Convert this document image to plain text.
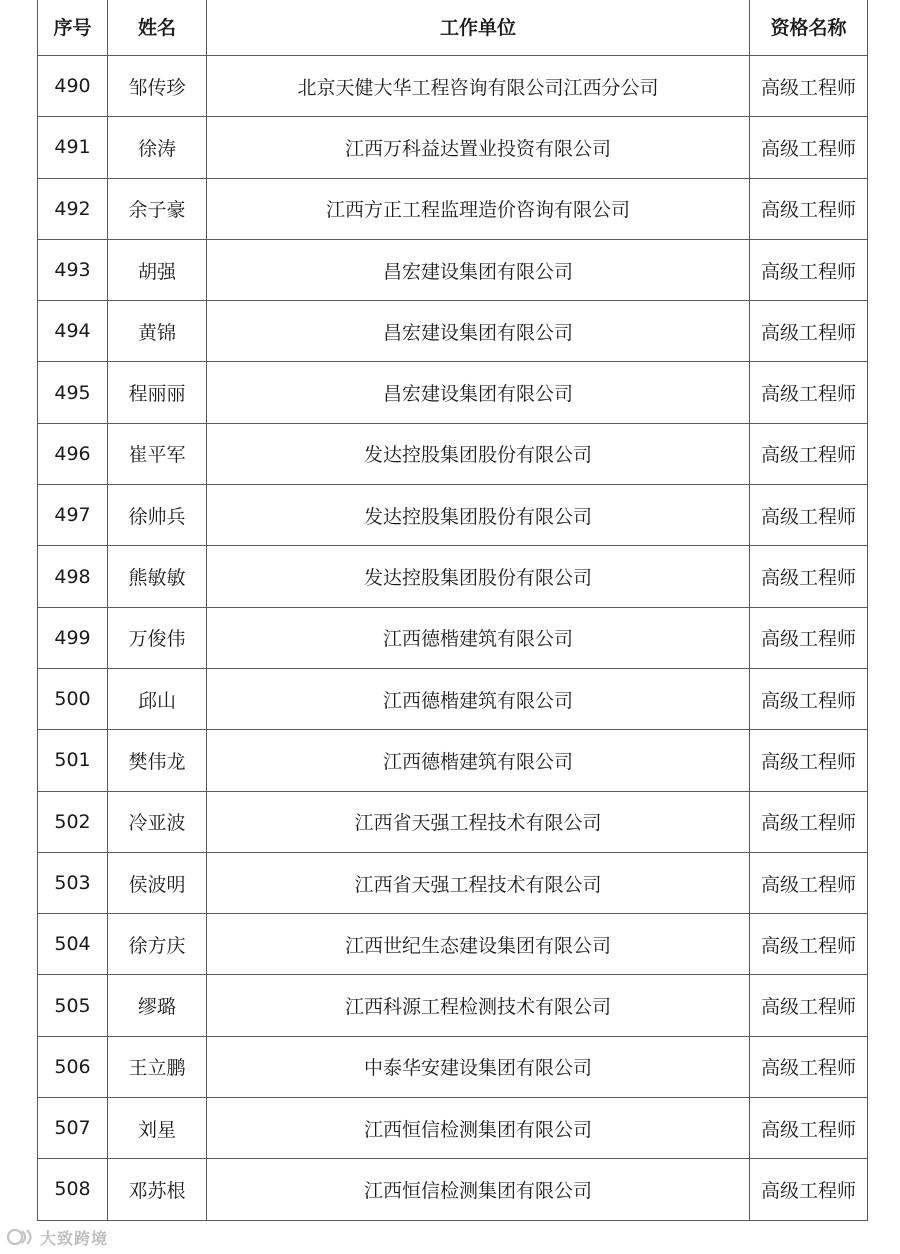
序号	姓名	工作单位	资格名称
490	邹传珍	北京天健大华工程咨询有限公司江西分公司	高级工程师
491	徐涛	江西万科益达置业投资有限公司	高级工程师
492	余子豪	江西方正工程监理造价咨询有限公司	高级工程师
493	胡强	昌宏建设集团有限公司	高级工程师
494	黄锦	昌宏建设集团有限公司	高级工程师
495	程丽丽	昌宏建设集团有限公司	高级工程师
496	崔平军	发达控股集团股份有限公司	高级工程师
497	徐帅兵	发达控股集团股份有限公司	高级工程师
498	熊敏敏	发达控股集团股份有限公司	高级工程师
499	万俊伟	江西德楷建筑有限公司	高级工程师
500	邱山	江西德楷建筑有限公司	高级工程师
501	樊伟龙	江西德楷建筑有限公司	高级工程师
502	冷亚波	江西省天强工程技术有限公司	高级工程师
503	侯波明	江西省天强工程技术有限公司	高级工程师
504	徐方庆	江西世纪生态建设集团有限公司	高级工程师
505	缪璐	江西科源工程检测技术有限公司	高级工程师
506	王立鹏	中泰华安建设集团有限公司	高级工程师
507	刘星	江西恒信检测集团有限公司	高级工程师
508	邓苏根	江西恒信检测集团有限公司	高级工程师
大致跨境
